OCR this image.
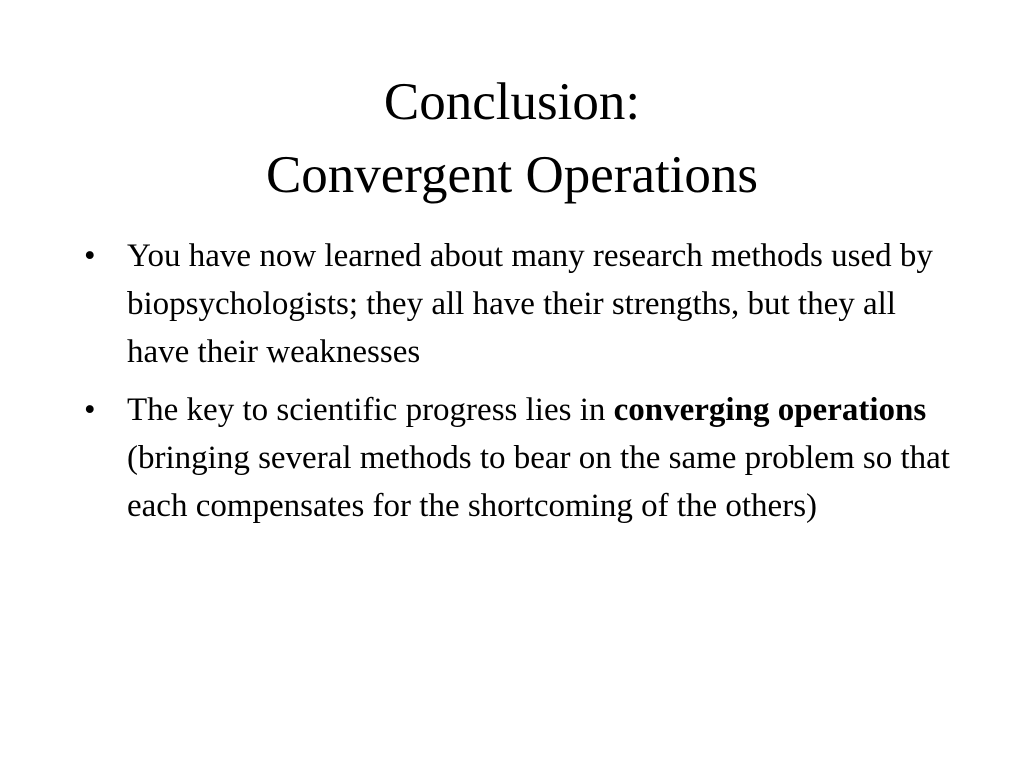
Conclusion:
Convergent Operations
• You have now learned about many research methods used by biopsychologists; they all have their strengths, but they all have their weaknesses
• The key to scientific progress lies in converging operations (bringing several methods to bear on the same problem so that each compensates for the shortcoming of the others)
